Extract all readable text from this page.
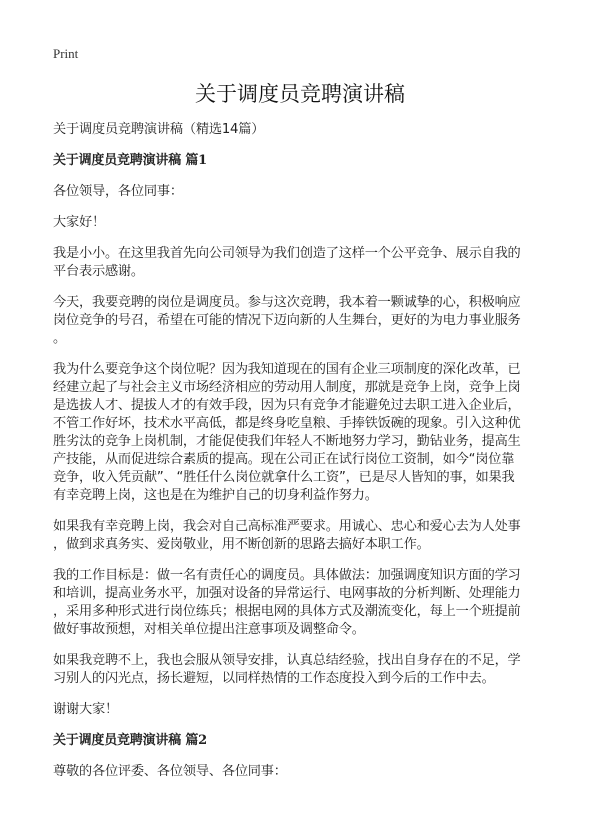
Print
关于调度员竞聘演讲稿
关于调度员竞聘演讲稿（精选14篇）
关于调度员竞聘演讲稿 篇1
各位领导，各位同事：
大家好！
我是小小。在这里我首先向公司领导为我们创造了这样一个公平竞争、展示自我的
平台表示感谢。
今天，我要竞聘的岗位是调度员。参与这次竞聘，我本着一颗诚挚的心，积极响应
岗位竞争的号召，希望在可能的情况下迈向新的人生舞台，更好的为电力事业服务
。
我为什么要竞争这个岗位呢？因为我知道现在的国有企业三项制度的深化改革，已
经建立起了与社会主义市场经济相应的劳动用人制度，那就是竞争上岗，竞争上岗
是选拔人才、提拔人才的有效手段，因为只有竞争才能避免过去职工进入企业后，
不管工作好坏，技术水平高低，都是终身吃皇粮、手捧铁饭碗的现象。引入这种优
胜劣汰的竞争上岗机制，才能促使我们年轻人不断地努力学习，勤钻业务，提高生
产技能，从而促进综合素质的提高。现在公司正在试行岗位工资制，如今“岗位靠
竞争，收入凭贡献”、“胜任什么岗位就拿什么工资”，已是尽人皆知的事，如果我
有幸竞聘上岗，这也是在为维护自己的切身利益作努力。
如果我有幸竞聘上岗，我会对自己高标准严要求。用诚心、忠心和爱心去为人处事
，做到求真务实、爱岗敬业，用不断创新的思路去搞好本职工作。
我的工作目标是：做一名有责任心的调度员。具体做法：加强调度知识方面的学习
和培训，提高业务水平，加强对设备的异常运行、电网事故的分析判断、处理能力
，采用多种形式进行岗位练兵；根据电网的具体方式及潮流变化，每上一个班提前
做好事故预想，对相关单位提出注意事项及调整命令。
如果我竞聘不上，我也会服从领导安排，认真总结经验，找出自身存在的不足，学
习别人的闪光点，扬长避短，以同样热情的工作态度投入到今后的工作中去。
谢谢大家！
关于调度员竞聘演讲稿 篇2
尊敬的各位评委、各位领导、各位同事：
